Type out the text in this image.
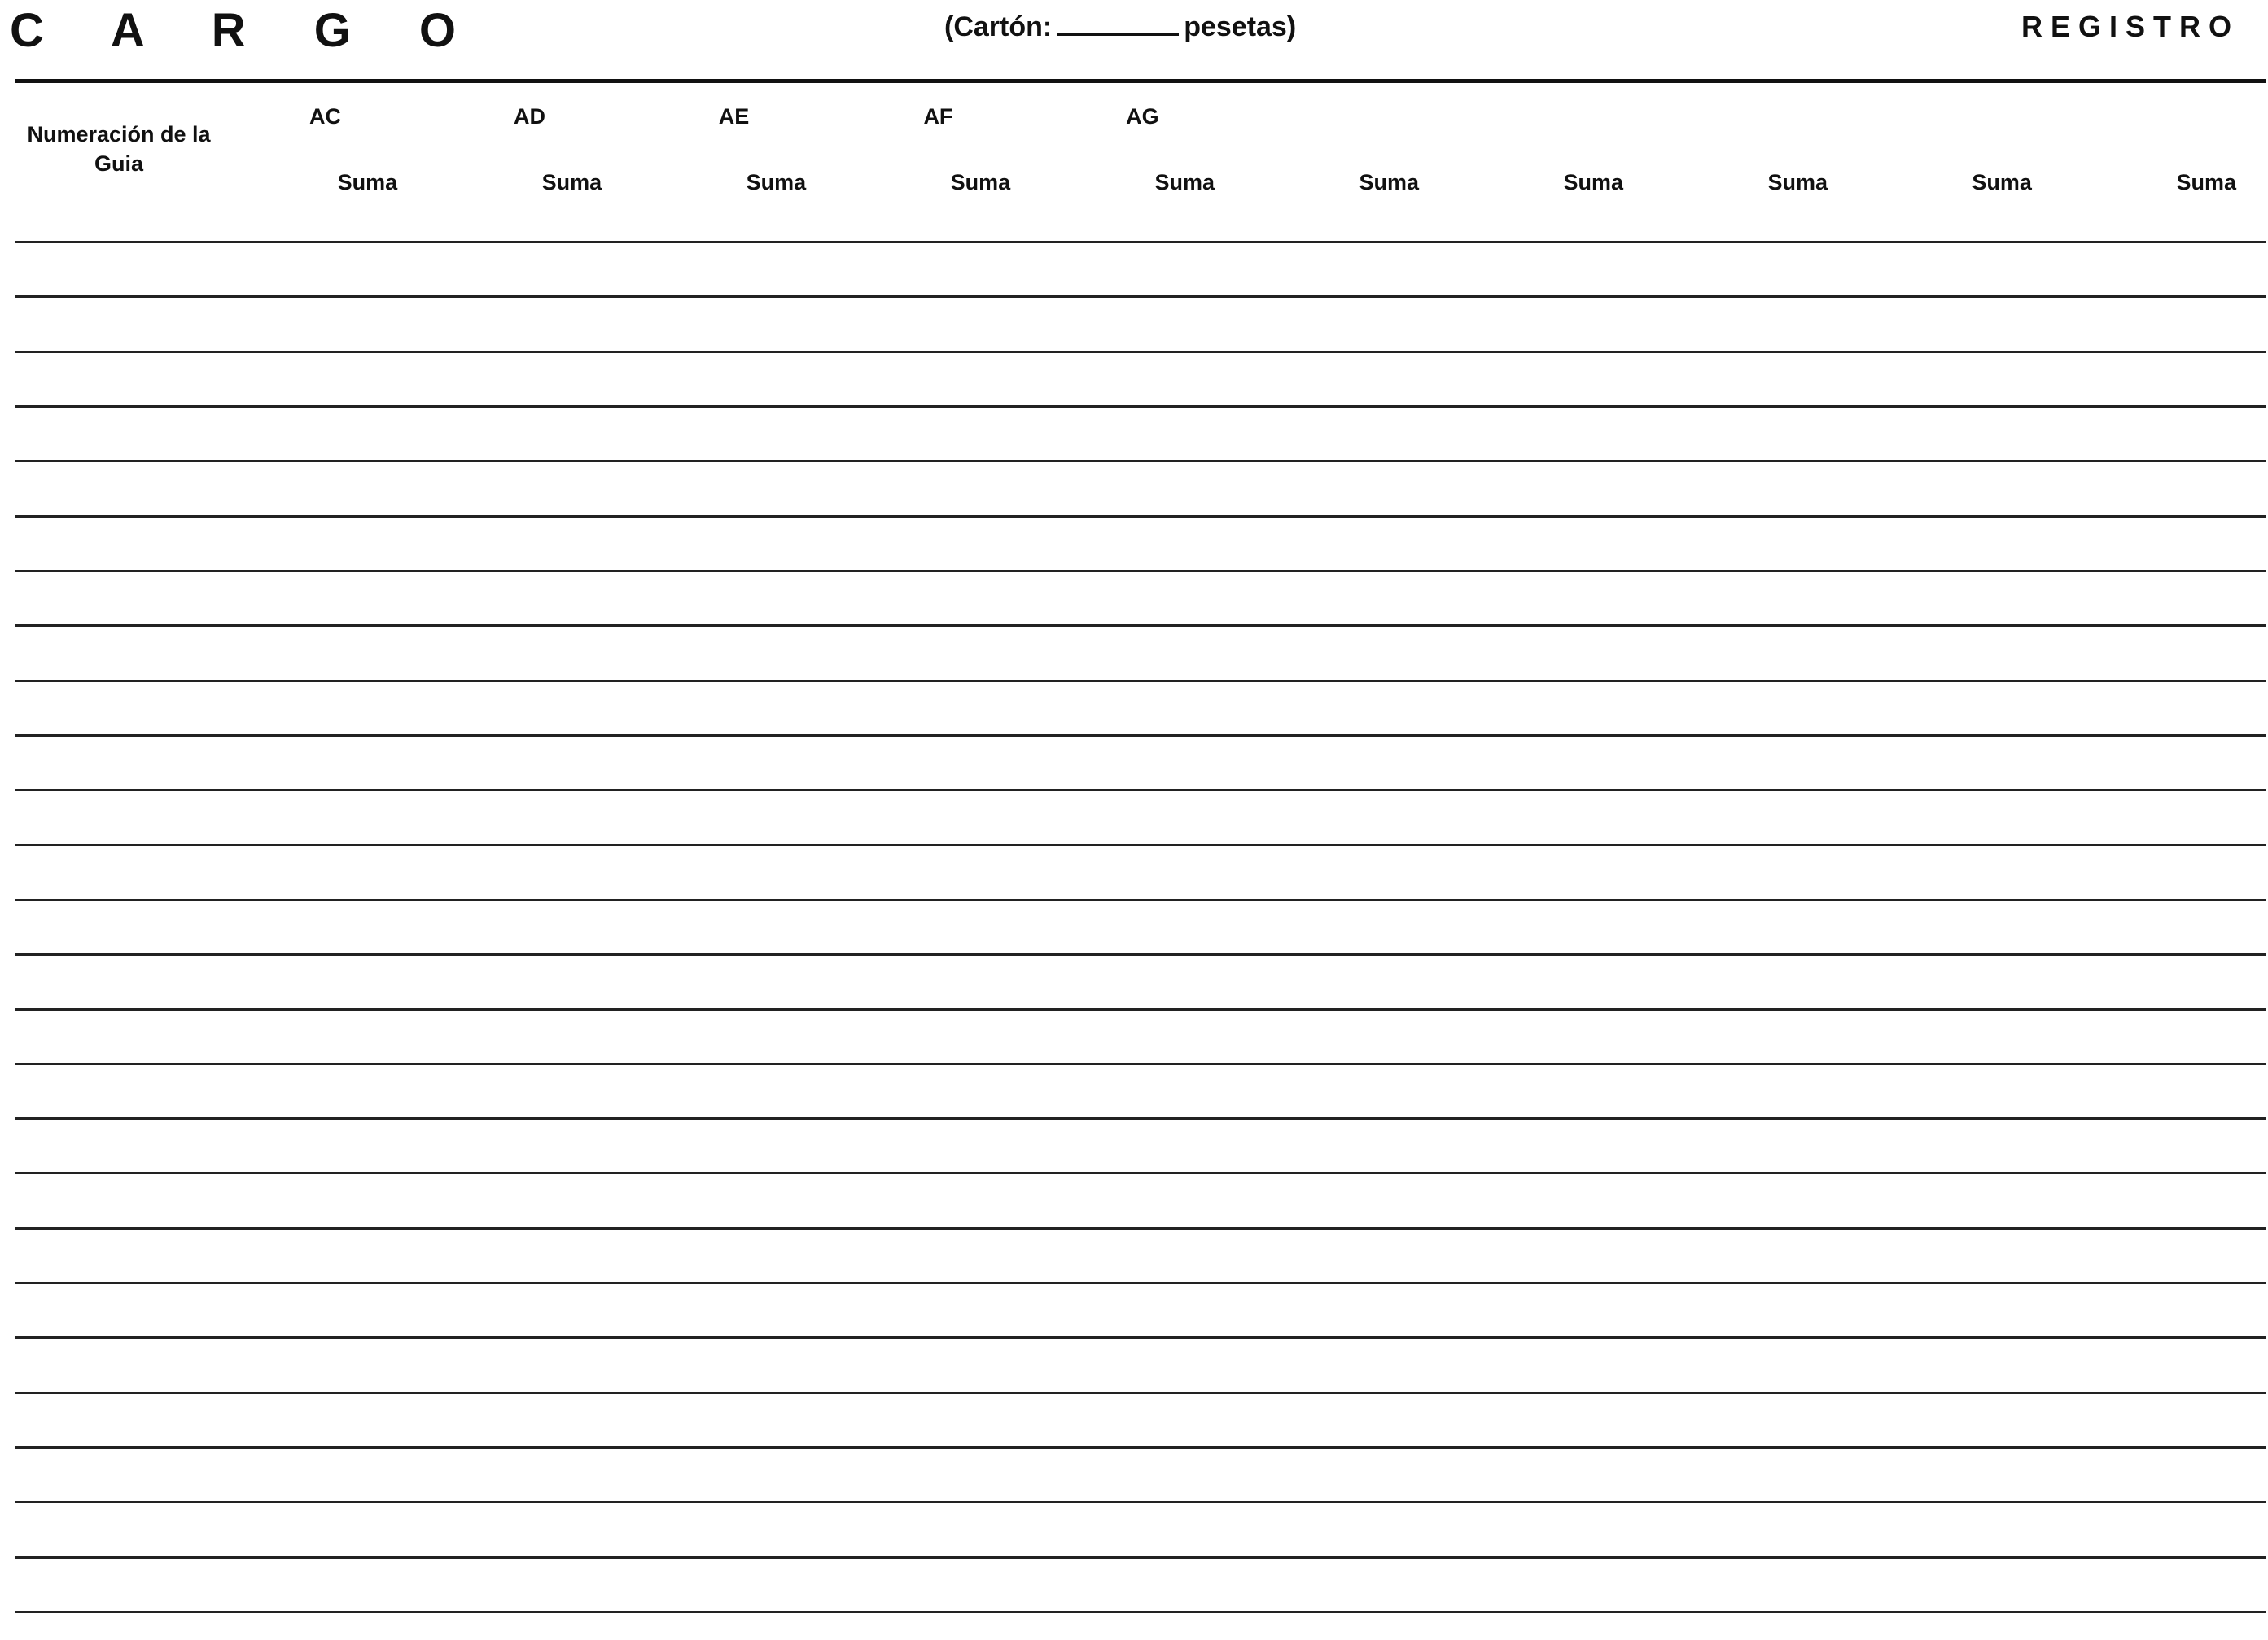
C A R G O	(Cartón:	pesetas)	REGISTRO
Numeración de la Guia	AC		AD		AE		AF		AG											
		Suma		Suma		Suma		Suma		Suma		Suma		Suma		Suma		Suma		Suma
